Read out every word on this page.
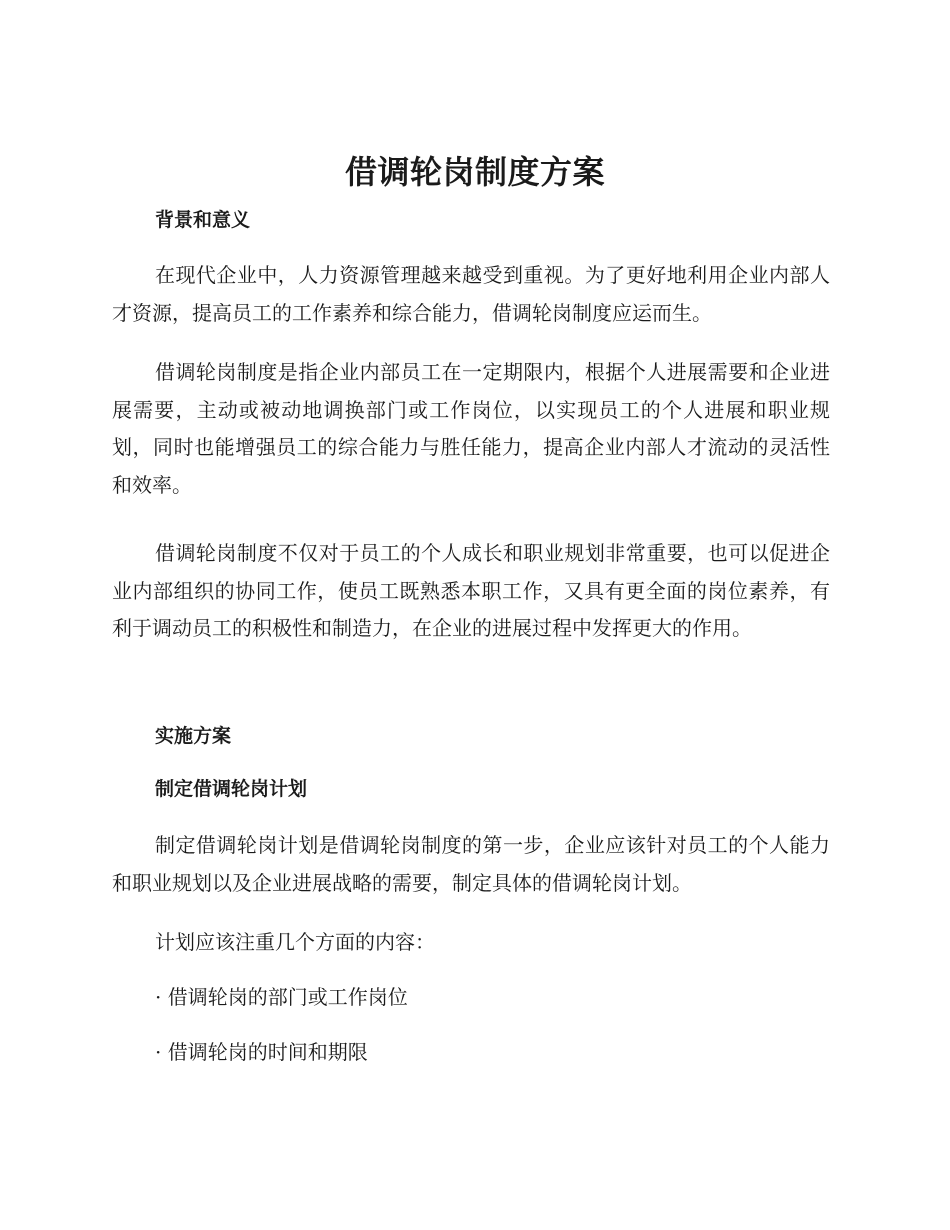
借调轮岗制度方案
背景和意义
在现代企业中，人力资源管理越来越受到重视。为了更好地利用企业内部人才资源，提高员工的工作素养和综合能力，借调轮岗制度应运而生。
借调轮岗制度是指企业内部员工在一定期限内，根据个人进展需要和企业进展需要，主动或被动地调换部门或工作岗位，以实现员工的个人进展和职业规划，同时也能增强员工的综合能力与胜任能力，提高企业内部人才流动的灵活性和效率。
借调轮岗制度不仅对于员工的个人成长和职业规划非常重要，也可以促进企业内部组织的协同工作，使员工既熟悉本职工作，又具有更全面的岗位素养，有利于调动员工的积极性和制造力，在企业的进展过程中发挥更大的作用。
实施方案
制定借调轮岗计划
制定借调轮岗计划是借调轮岗制度的第一步，企业应该针对员工的个人能力和职业规划以及企业进展战略的需要，制定具体的借调轮岗计划。
计划应该注重几个方面的内容：
· 借调轮岗的部门或工作岗位
· 借调轮岗的时间和期限
